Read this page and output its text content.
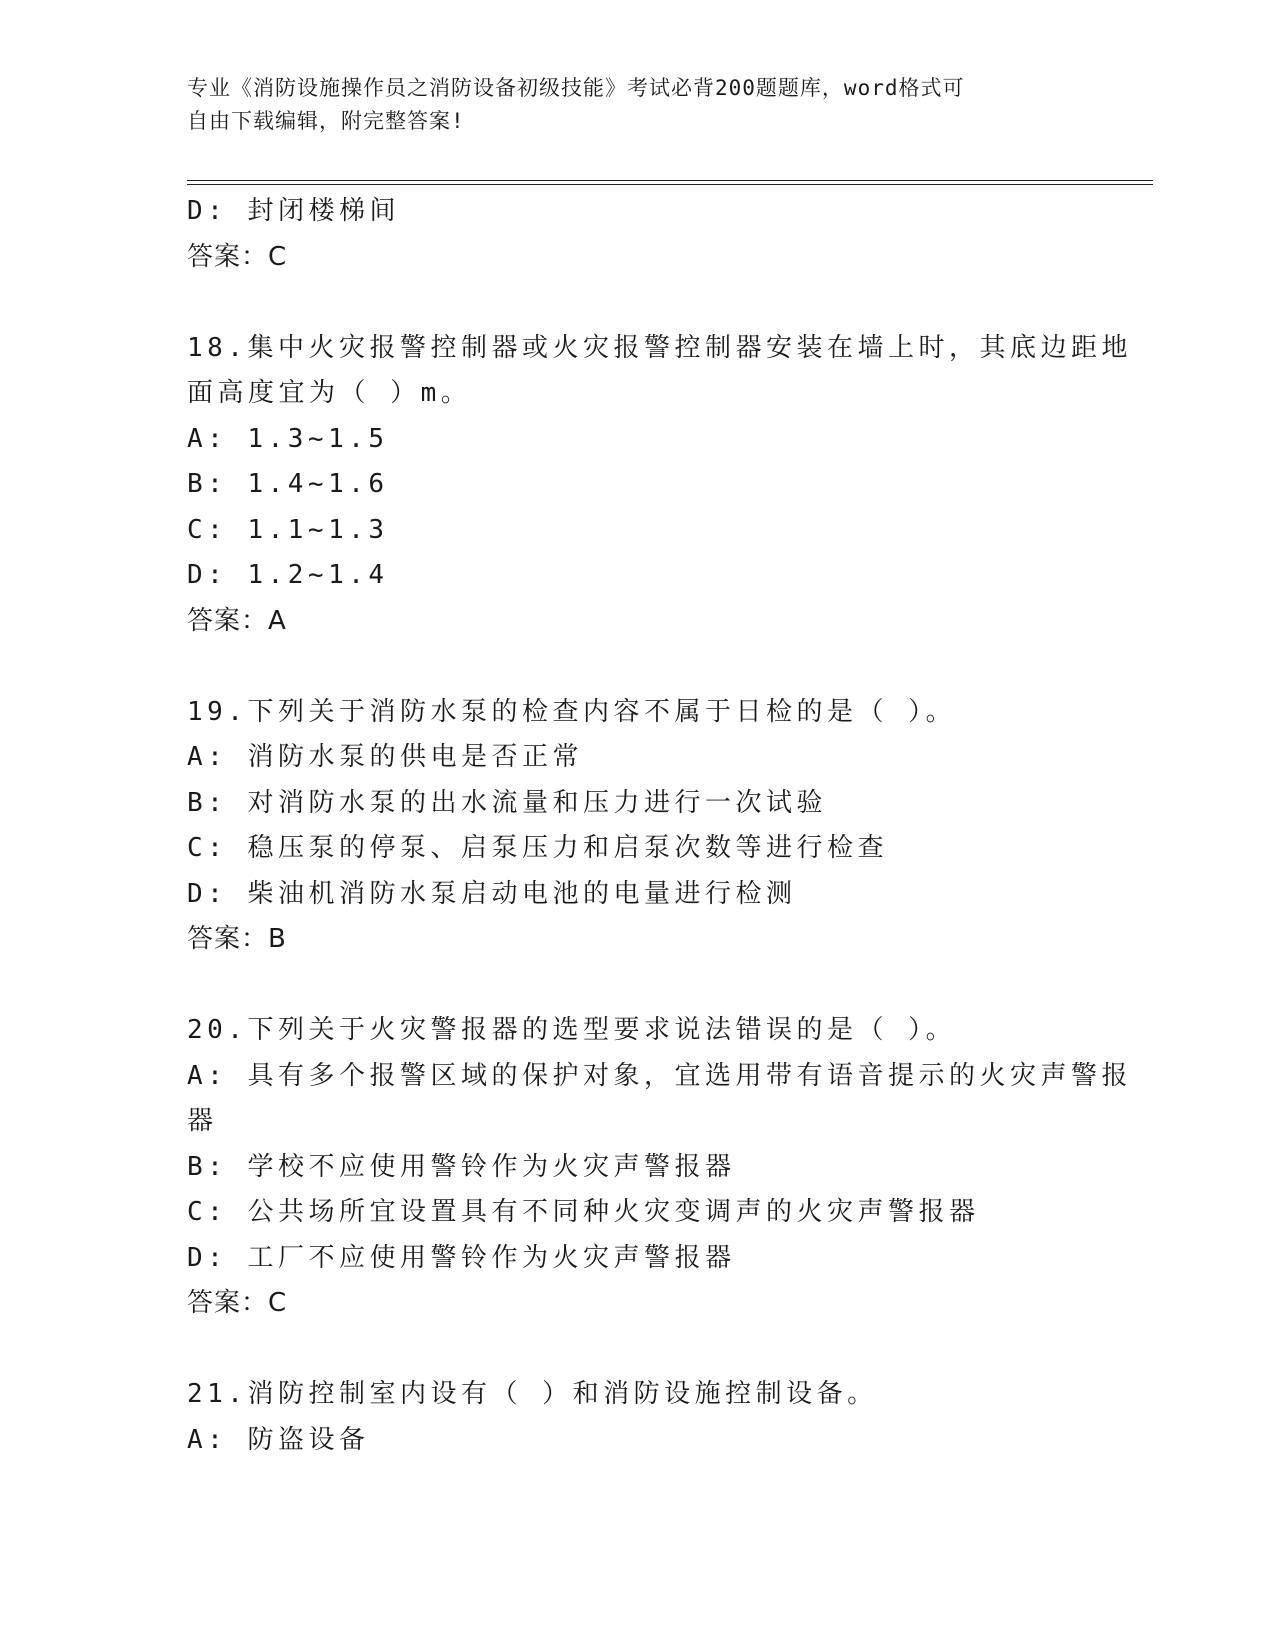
专业《消防设施操作员之消防设备初级技能》考试必背200题题库，word格式可
自由下载编辑，附完整答案!
D: 封闭楼梯间
答案：C
18.集中火灾报警控制器或火灾报警控制器安装在墙上时，其底边距地
面高度宜为（ ）m。
A: 1.3~1.5
B: 1.4~1.6
C: 1.1~1.3
D: 1.2~1.4
答案：A
19.下列关于消防水泵的检查内容不属于日检的是（ ）。
A: 消防水泵的供电是否正常
B: 对消防水泵的出水流量和压力进行一次试验
C: 稳压泵的停泵、启泵压力和启泵次数等进行检查
D: 柴油机消防水泵启动电池的电量进行检测
答案：B
20.下列关于火灾警报器的选型要求说法错误的是（ ）。
A: 具有多个报警区域的保护对象，宜选用带有语音提示的火灾声警报
器
B: 学校不应使用警铃作为火灾声警报器
C: 公共场所宜设置具有不同种火灾变调声的火灾声警报器
D: 工厂不应使用警铃作为火灾声警报器
答案：C
21.消防控制室内设有（ ）和消防设施控制设备。
A: 防盗设备
